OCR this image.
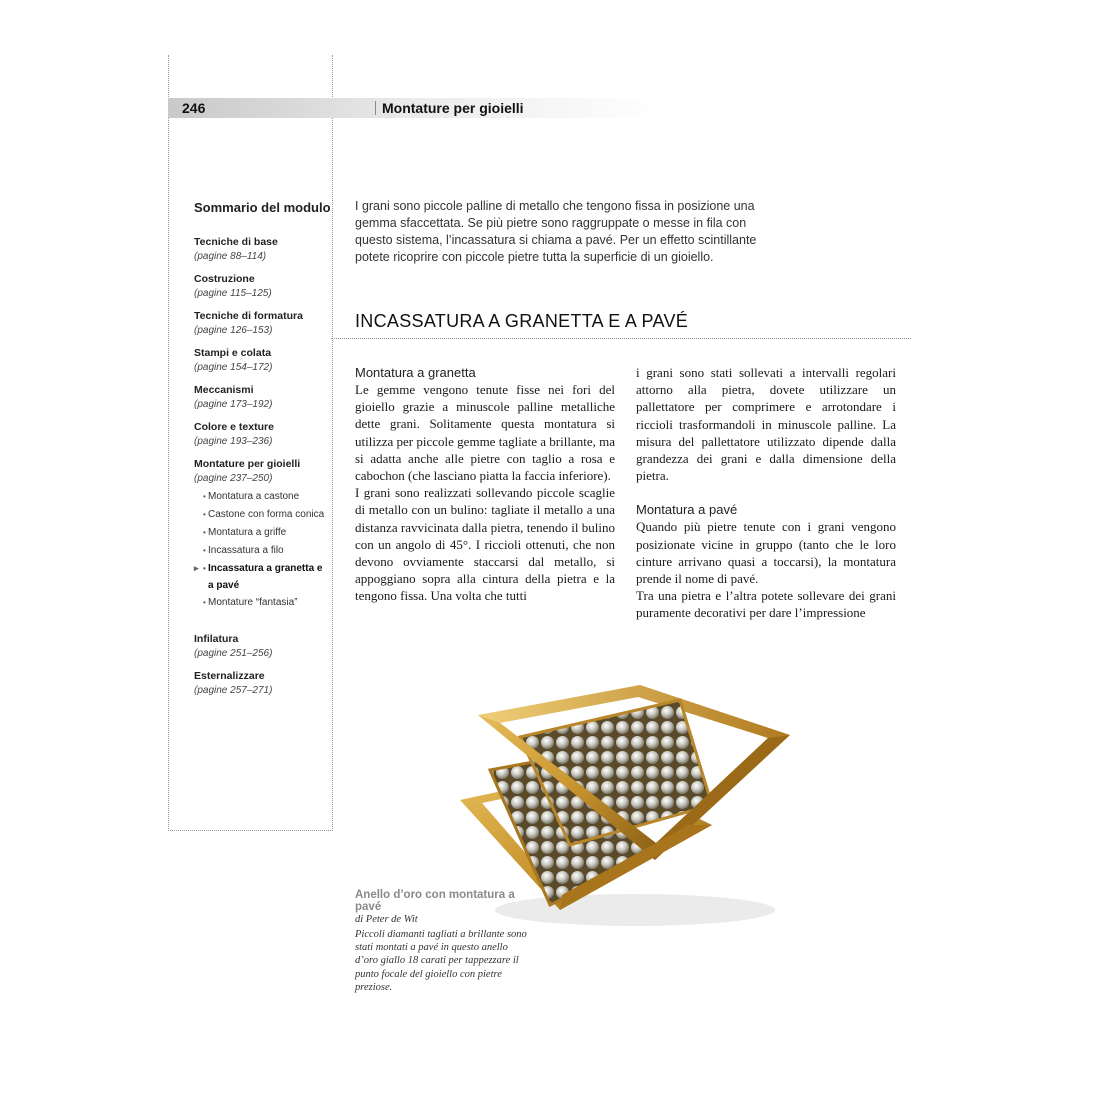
Sommario del modulo
Tecniche di base
(pagine 88–114)
Costruzione
(pagine 115–125)
Tecniche di formatura
(pagine 126–153)
Stampi e colata
(pagine 154–172)
Meccanismi
(pagine 173–192)
Colore e texture
(pagine 193–236)
Montature per gioielli
(pagine 237–250)
• Montatura a castone
• Castone con forma conica
• Montatura a griffe
• Incassatura a filo
▸ Incassatura a granetta e a pavé •
• Montature “fantasia”
Infilatura
(pagine 251–256)
Esternalizzare
(pagine 257–271)
246	Montature per gioielli

I grani sono piccole palline di metallo che tengono fissa in posizione una gemma sfaccettata. Se più pietre sono raggruppate o messe in fila con questo sistema, l’incassatura si chiama a pavé. Per un effetto scintillante potete ricoprire con piccole pietre tutta la superficie di un gioiello.

INCASSATURA A GRANETTA E A PAVÉ
Montatura a granetta

Le gemme vengono tenute fisse nei fori del gioiello grazie a minuscole palline metalliche dette grani. Solitamente questa montatura si utilizza per piccole gemme tagliate a brillante, ma si adatta anche alle pietre con taglio a rosa e cabochon (che lasciano piatta la faccia inferiore).

I grani sono realizzati sollevando piccole scaglie di metallo con un bulino: tagliate il metallo a una distanza ravvicinata dalla pietra, tenendo il bulino con un angolo di 45°. I riccioli ottenuti, che non devono ovviamente staccarsi dal metallo, si appoggiano sopra alla cintura della pietra e la tengono fissa. Una volta che tutti

i grani sono stati sollevati a intervalli regolari attorno alla pietra, dovete utilizzare un pallettatore per comprimere e arrotondare i riccioli trasformandoli in minuscole palline. La misura del pallettatore utilizzato dipende dalla grandezza dei grani e dalla dimensione della pietra.

Montatura a pavé

Quando più pietre tenute con i grani vengono posizionate vicine in gruppo (tanto che le loro cinture arrivano quasi a toccarsi), la montatura prende il nome di pavé.

Tra una pietra e l’altra potete sollevare dei grani puramente decorativi per dare l’impressione

Anello d’oro con montatura a pavé

di Peter de Wit

Piccoli diamanti tagliati a brillante sono stati montati a pavé in questo anello d’oro giallo 18 carati per tappezzare il punto focale del gioiello con pietre preziose.
